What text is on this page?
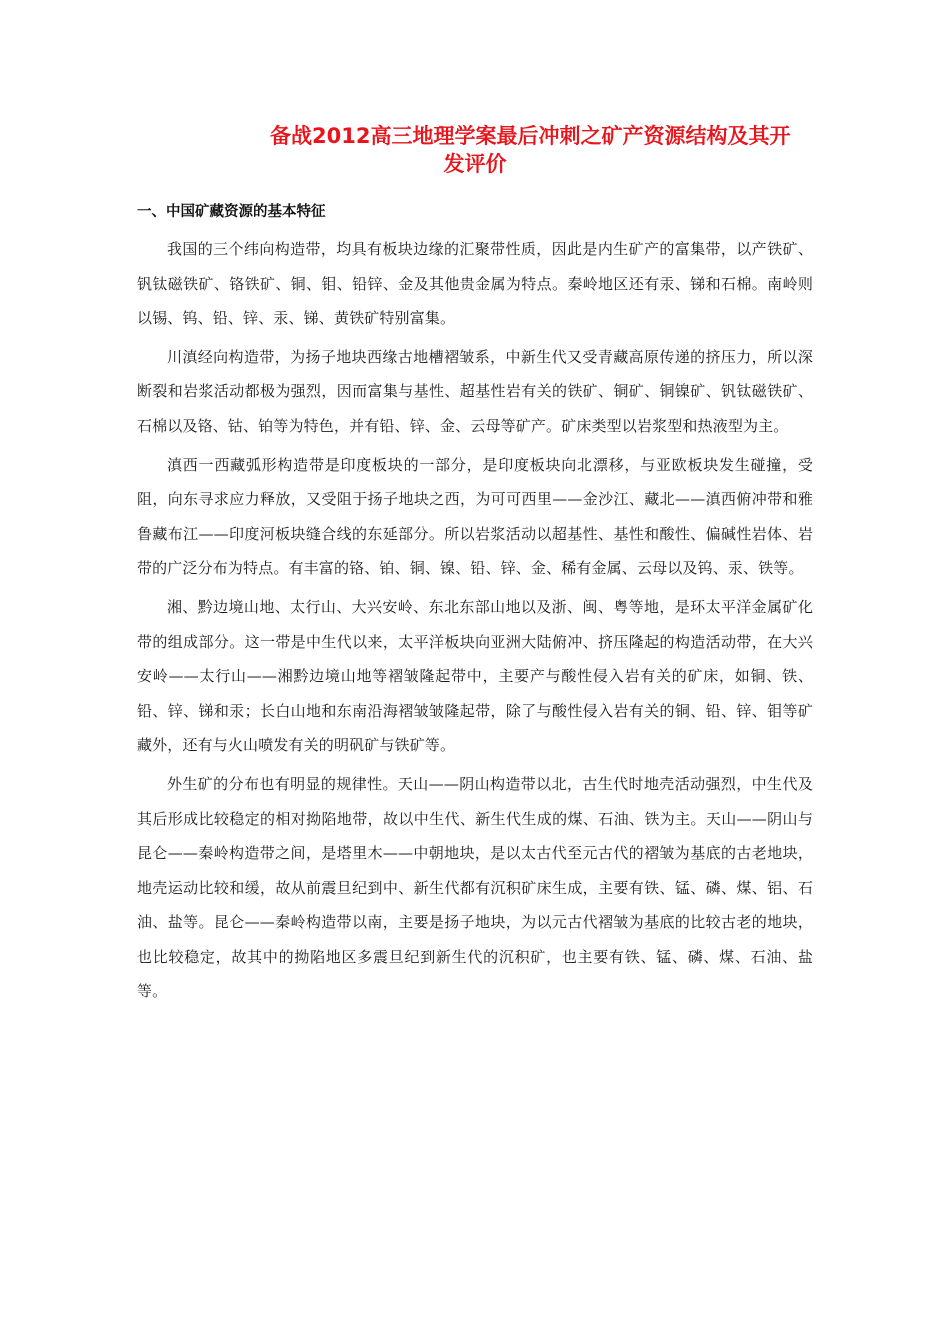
备战2012高三地理学案最后冲刺之矿产资源结构及其开
发评价
一、中国矿藏资源的基本特征

我国的三个纬向构造带，均具有板块边缘的汇聚带性质，因此是内生矿产的富集带，以产铁矿、钒钛磁铁矿、铬铁矿、铜、钼、铅锌、金及其他贵金属为特点。秦岭地区还有汞、锑和石棉。南岭则以锡、钨、铅、锌、汞、锑、黄铁矿特别富集。

川滇经向构造带，为扬子地块西缘古地槽褶皱系，中新生代又受青藏高原传递的挤压力，所以深断裂和岩浆活动都极为强烈，因而富集与基性、超基性岩有关的铁矿、铜矿、铜镍矿、钒钛磁铁矿、石棉以及铬、钴、铂等为特色，并有铅、锌、金、云母等矿产。矿床类型以岩浆型和热液型为主。

滇西一西藏弧形构造带是印度板块的一部分，是印度板块向北漂移，与亚欧板块发生碰撞，受阻，向东寻求应力释放，又受阻于扬子地块之西，为可可西里——金沙江、藏北——滇西俯冲带和雅鲁藏布江——印度河板块缝合线的东延部分。所以岩浆活动以超基性、基性和酸性、偏碱性岩体、岩带的广泛分布为特点。有丰富的铬、铂、铜、镍、铅、锌、金、稀有金属、云母以及钨、汞、铁等。

湘、黔边境山地、太行山、大兴安岭、东北东部山地以及浙、闽、粤等地，是环太平洋金属矿化带的组成部分。这一带是中生代以来，太平洋板块向亚洲大陆俯冲、挤压隆起的构造活动带，在大兴安岭——太行山——湘黔边境山地等褶皱隆起带中，主要产与酸性侵入岩有关的矿床，如铜、铁、铅、锌、锑和汞；长白山地和东南沿海褶皱皱隆起带，除了与酸性侵入岩有关的铜、铅、锌、钼等矿藏外，还有与火山喷发有关的明矾矿与铁矿等。

外生矿的分布也有明显的规律性。天山——阴山构造带以北，古生代时地壳活动强烈，中生代及其后形成比较稳定的相对拗陷地带，故以中生代、新生代生成的煤、石油、铁为主。天山——阴山与昆仑——秦岭构造带之间，是塔里木——中朝地块，是以太古代至元古代的褶皱为基底的古老地块，地壳运动比较和缓，故从前震旦纪到中、新生代都有沉积矿床生成，主要有铁、锰、磷、煤、铝、石油、盐等。昆仑——秦岭构造带以南，主要是扬子地块，为以元古代褶皱为基底的比较古老的地块，也比较稳定，故其中的拗陷地区多震旦纪到新生代的沉积矿，也主要有铁、锰、磷、煤、石油、盐等。
